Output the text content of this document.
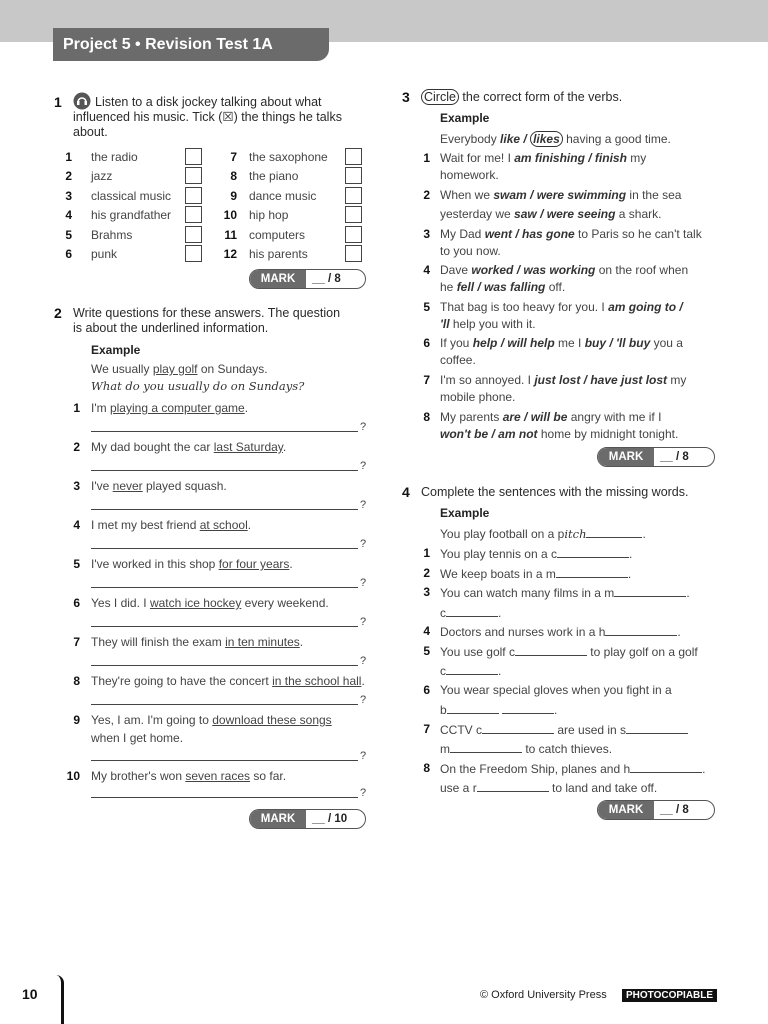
Project 5 • Revision Test 1A
1	Listen to a disk jockey talking about what
influenced his music. Tick (☒) the things he talks
about.
1 the radio
2 jazz
3 classical music
4 his grandfather
5 Brahms
6 punk
7 the saxophone
8 the piano
9 dance music
10 hip hop
11 computers
12 his parents
MARK	__ / 8
2 Write questions for these answers. The question
is about the underlined information.
Example
We usually play golf on Sundays.
What do you usually do on Sundays?
1 I'm playing a computer game.
?
2 My dad bought the car last Saturday.
?
3 I've never played squash.
?
4 I met my best friend at school.
?
5 I've worked in this shop for four years.
?
6 Yes I did. I watch ice hockey every weekend.
?
7 They will finish the exam in ten minutes.
?
8 They're going to have the concert in the school hall.
?
9 Yes, I am. I'm going to download these songs
?
10 My brother's won seven races so far.
?
when I get home.
MARK	__ / 10
3 Circle the correct form of the verbs.
Example
Everybody like / likes having a good time.
1 Wait for me! I am finishing / finish my
homework.
2 When we swam / were swimming in the sea
yesterday we saw / were seeing a shark.
3 My Dad went / has gone to Paris so he can't talk
to you now.
4 Dave worked / was working on the roof when
he fell / was falling off.
5 That bag is too heavy for you. I am going to /
'll help you with it.
6 If you help / will help me I buy / 'll buy you a
coffee.
7 I'm so annoyed. I just lost / have just lost my
mobile phone.
8 My parents are / will be angry with me if I
won't be / am not home by midnight tonight.
MARK	__ / 8
4 Complete the sentences with the missing words.
Example
You play football on a pitch	.
1 You play tennis on a c	.
2 We keep boats in a m	.
3 You can watch many films in a m	.
c	.
4 Doctors and nurses work in a h	.
5 You use golf c	to play golf on a golf
c	.
6 You wear special gloves when you fight in a
b	.
7 CCTV c	are used in s
m	to catch thieves.
8 On the Freedom Ship, planes and h	.
use a r	to land and take off.
MARK	__ / 8
10	© Oxford University Press	PHOTOCOPIABLE
